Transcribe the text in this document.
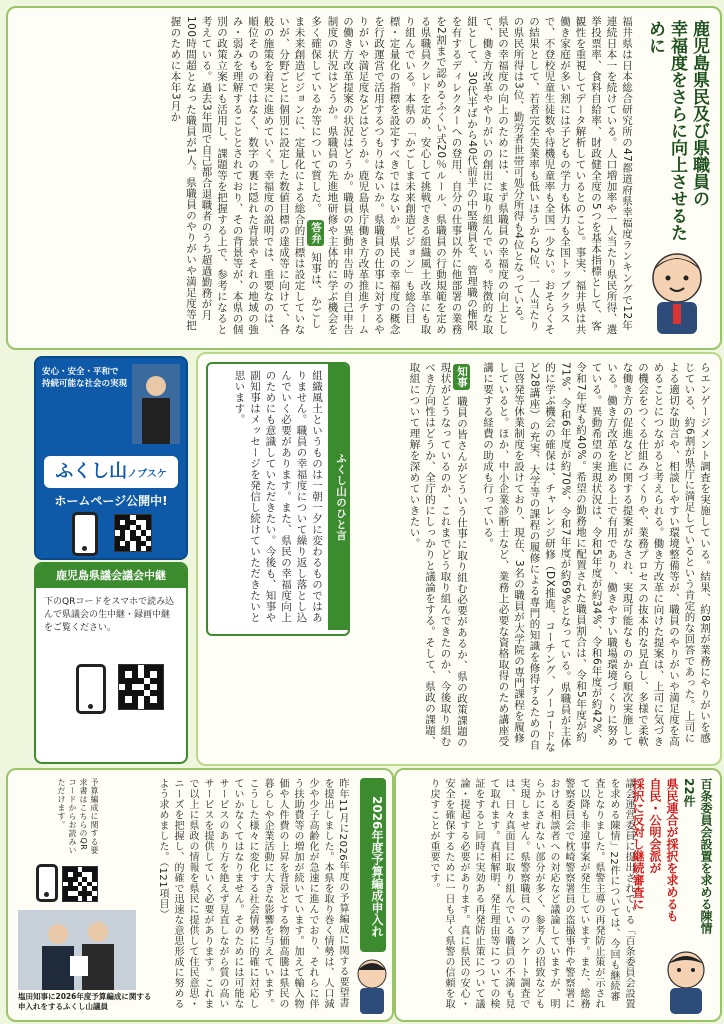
鹿児島県民及び県職員の
幸福度をさらに向上させるために
福井県は日本総合研究所の47都道府県幸福度ランキングで12年連続日本一を続けている。人口増加率や一人当たり県民所得、選挙投票率、食料自給率、財政健全度の5つを基本指標として、客観性を重視してデータ解析しているとのこと。事実、福井県は共働き家庭が多い割には子どもの学力も体力も全国トップクラスで、不登校児童生徒数や待機児童率も全国一少ない。おそらくその結果として、若者完全失業率も低いほうから2位、一人当たりの県民所得は3位、勤労者世帯可処分所得も4位となっている。県民の幸福度の向上のためには、まず県職員の幸福度の向上として、働き方改革ややりがいの創出に取り組んでいる。特徴的な取組として、30代半ばから40代前半の中堅職員を、管理職の権限を有するディレクターへの登用、自分の仕事以外に他部署の業務を2割まで認めるふくい式20％ルール、県職員の行動規範を定める県職員クレドを定め、安心して挑戦できる組織風土改革にも取り組んでいる。本県の「かごしま未来創造ビジョン」も総合目標・定量化の指標を設定すべきではないか。県民の幸福度の概念を行政運営で活用するつもりはないか。県職員の仕事に対するやりがいや満足度などはどうか。鹿児島県庁働き方改革推進チームの働き方改革提案の状況はどうか。職員の異動申告時の自己申告制度の状況はどうか。県職員の先進地研修や主体的に学ぶ機会を多く確保しているか等について質した。 答弁 知事は、かごしま未来創造ビジョンに、定量化による総合的目標は設定していないが、分野ごとに個別に設定した数値目標の達成等に向けて、各般の施策を着実に進めていく。幸福度の説明では、重要なのは、順位そのものではなく、数字の裏に隠れた背景やそれの地域の強み・弱みを理解することとされており、その背景等が、本県の個別の政策立案にも活用し、課題等を把握する上で、参考になると考えている。過去3年間で自己都合退職者のうち超過勤務が月100時間超となった職員が1人。県職員のやりがいや満足度等把握のために本年3月か
らエンゲージメント調査を実施している。結果、約8割が業務にやりがいを感じている、約6割が県庁に満足しているという肯定的な回答であった。上司による適切な助言や、相談しやすい環境整備等が、職員のやりがいや満足度を高めることにつながると考えられる。働き方改革に向けた提案は、上司に気づきの機会をつくる仕組みづくりや、業務プロセスの抜本的な見直し、多様で柔軟な働き方の促進などに関する提案がなされ、実現可能なものから順次実施している。働き方改革を進める上で有用であり、働きやすい職場環境づくりに努めている。異動希望の実現状況は、令和5年度が約34%、令和6年度が約42%、令和7年度も約40%。希望の勤務地に配置された職員割合は、令和5年度が約71%、令和6年度が約70%、令和7年度が約69%となっている。県職員が主体的に学ぶ機会の確保は、チャレンジ研修（DX推進、コーチング、ノーコードなど28講座）の充実、大学等の課程の履修による専門的知識を修得するための自己啓発等休業制度を設けており、現在、3名の職員が大学院の専門課程を履修していると。ほか、中小企業診断士など、業務上必要な資格取得のため講座受講に要する経費の助成も行っている。
知事 職員の皆さんがどういう仕事に取り組む必要があるか、県の政策課題の現状がどうなっているのか、これまでどう取り組んできたのか、今後取り組むべき方向性はどうか、全庁的にしっかりと議論をする。そして、県政の課題、取組について理解を深めていきたい。
ふくし山のひと言
組織風土というものは一朝一夕に変わるものではありません。職員の幸福度について繰り返し落とし込んでいく必要があります。また、県民の幸福度向上のためにも意識していただきたい。今後も、知事や副知事はメッセージを発信し続けていただきたいと思います。
安心・安全・平和で
持続可能な社会の実現
ふくし山ノブスケ
ホームページ公開中!
鹿児島県議会議会中継
下のQRコードをスマホで読み込んで県議会の生中継・録画中継をご覧ください。
百条委員会設置を求める陳情22件
県民連合が採択を求めるも
自民・公明会派が
採択に反対し継続審査に
議会運営委員に提出されている「百条委員会設置を求める陳情」22件については、今回も継続審査となりました。県警主導の再発防止策が示されて以降も非違事案が発生しています。また、総務警察委員会で枕崎警察署員の盗撮事件や警察署における相談者への対応など議論していますが、明らかにされない部分が多く、参考人の招致なども実現しません。県警察職員へのアンケート調査では、日々真面目に取り組んでいる職員の不満も見て取れます。真相解明、発生理由等についての検証をすると同時に実効ある再発防止策について議論・提起する必要があります。真に県民の安心・安全を確保するために一日も早く県警の信頼を取り戻すことが重要です。
2026年度予算編成申入れ
昨年11月に2026年度の予算編成に関する要望書を提出しました。本県を取り巻く情勢は、人口減少や少子高齢化が急速に進んでおり、それらに伴う扶助費等の増加が続いています。加えて輸入物価や人件費の上昇を背景とする物価高騰は県民の暮らしや企業活動に大きな影響を与えています。こうした様々に変化する社会情勢に的確に対応していかなくてはなりません。そのためには可能なサービスのあり方を絶えず見直しながら質の高いサービスを提供していく必要があります。これまで以上に県政の情報を県民に提供して住民意思・ニーズを把握し、的確で迅速な意思形成に努めるよう求めました。（121項目）
予算編成に関する要求書はこちらのQRコードからお読みいただけます。
塩田知事に2026年度予算編成に関する
申入れをするふくし山議員
